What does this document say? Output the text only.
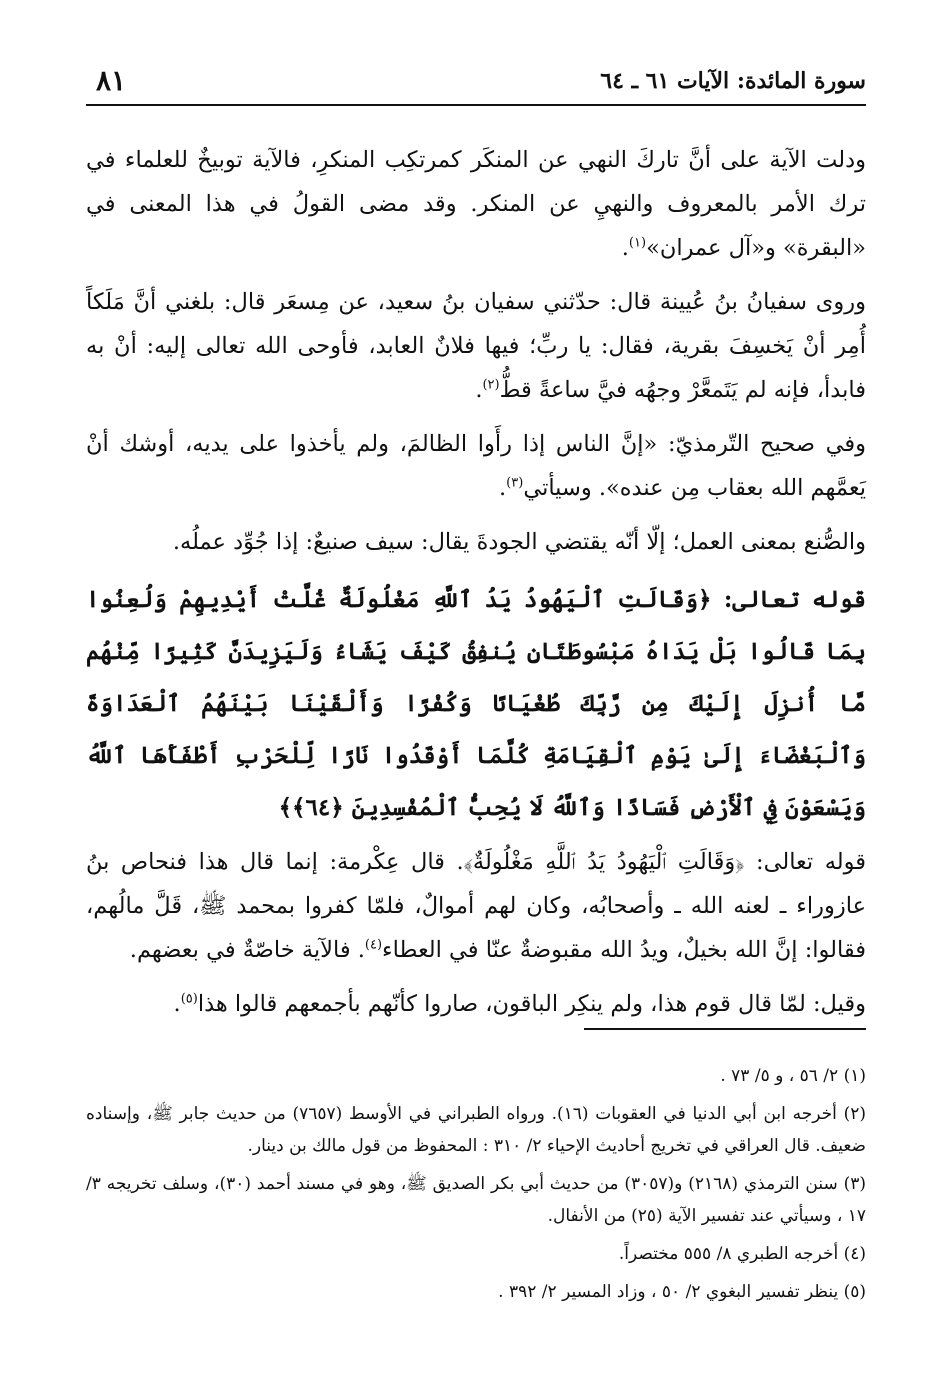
سورة المائدة: الآيات ٦١ ـ ٦٤
٨١

ودلت الآية على أنَّ تاركَ النهي عن المنكَر كمرتكِب المنكرِ، فالآية توبيخٌ للعلماء في ترك الأمر بالمعروف والنهيِ عن المنكر. وقد مضى القولُ في هذا المعنى في «البقرة» و«آل عمران»$^{(١)}$.

وروى سفيانُ بنُ عُيينة قال: حدّثني سفيان بنُ سعيد، عن مِسعَر قال: بلغني أنَّ مَلَكاً أُمِر أنْ يَخسِفَ بقرية، فقال: يا ربِّ؛ فيها فلانٌ العابد، فأوحى الله تعالى إليه: أنْ به فابدأ، فإنه لم يَتَمعَّرْ وجهُه فيَّ ساعةً قطُّ$^{(٢)}$.

وفي صحيح التّرمذيّ: «إنَّ الناس إذا رأَوا الظالمَ، ولم يأخذوا على يديه، أوشك أنْ يَعمَّهم الله بعقاب مِن عنده». وسيأتي$^{(٣)}$.

والصُّنع بمعنى العمل؛ إلّا أنّه يقتضي الجودةَ يقال: سيف صنيعٌ: إذا جُوِّد عملُه.

قوله تعالى: ﴿وَقَالَتِ ٱلْيَهُودُ يَدُ ٱللَّهِ مَغْلُولَةٌ غُلَّتْ أَيْدِيهِمْ وَلُعِنُوا بِمَا قَالُوا بَلْ يَدَاهُ مَبْسُوطَتَانِ يُنفِقُ كَيْفَ يَشَاءُ وَلَيَزِيدَنَّ كَثِيرًا مِّنْهُم مَّا أُنزِلَ إِلَيْكَ مِن رَّبِّكَ طُغْيَانًا وَكُفْرًا وَأَلْقَيْنَا بَيْنَهُمُ ٱلْعَدَاوَةَ وَٱلْبَغْضَاءَ إِلَىٰ يَوْمِ ٱلْقِيَامَةِ كُلَّمَا أَوْقَدُوا نَارًا لِّلْحَرْبِ أَطْفَأَهَا ٱللَّهُ وَيَسْعَوْنَ فِي ٱلْأَرْضِ فَسَادًا وَٱللَّهُ لَا يُحِبُّ ٱلْمُفْسِدِينَ ﴿٦٤﴾﴾

قوله تعالى: ﴿وَقَالَتِ ٱلْيَهُودُ يَدُ ٱللَّهِ مَغْلُولَةٌ﴾. قال عِكْرمة: إنما قال هذا فنحاص بنُ عازوراء ـ لعنه الله ـ وأصحابُه، وكان لهم أموالٌ، فلمّا كفروا بمحمد ﷺ، قَلَّ مالُهم، فقالوا: إنَّ الله بخيلٌ، ويدُ الله مقبوضةٌ عنّا في العطاء$^{(٤)}$. فالآية خاصّةٌ في بعضهم.

وقيل: لمّا قال قوم هذا، ولم ينكِر الباقون، صاروا كأنّهم بأجمعهم قالوا هذا$^{(٥)}$.

(١) ٢/ ٥٦ ، و ٥/ ٧٣ .

(٢) أخرجه ابن أبي الدنيا في العقوبات (١٦). ورواه الطبراني في الأوسط (٧٦٥٧) من حديث جابر ﷺ، وإسناده ضعيف. قال العراقي في تخريج أحاديث الإحياء ٢/ ٣١٠ : المحفوظ من قول مالك بن دينار.

(٣) سنن الترمذي (٢١٦٨) و(٣٠٥٧) من حديث أبي بكر الصديق ﷺ، وهو في مسند أحمد (٣٠)، وسلف تخريجه ٣/ ١٧ ، وسيأتي عند تفسير الآية (٢٥) من الأنفال.

(٤) أخرجه الطبري ٨/ ٥٥٥ مختصراً.

(٥) ينظر تفسير البغوي ٢/ ٥٠ ، وزاد المسير ٢/ ٣٩٢ .
